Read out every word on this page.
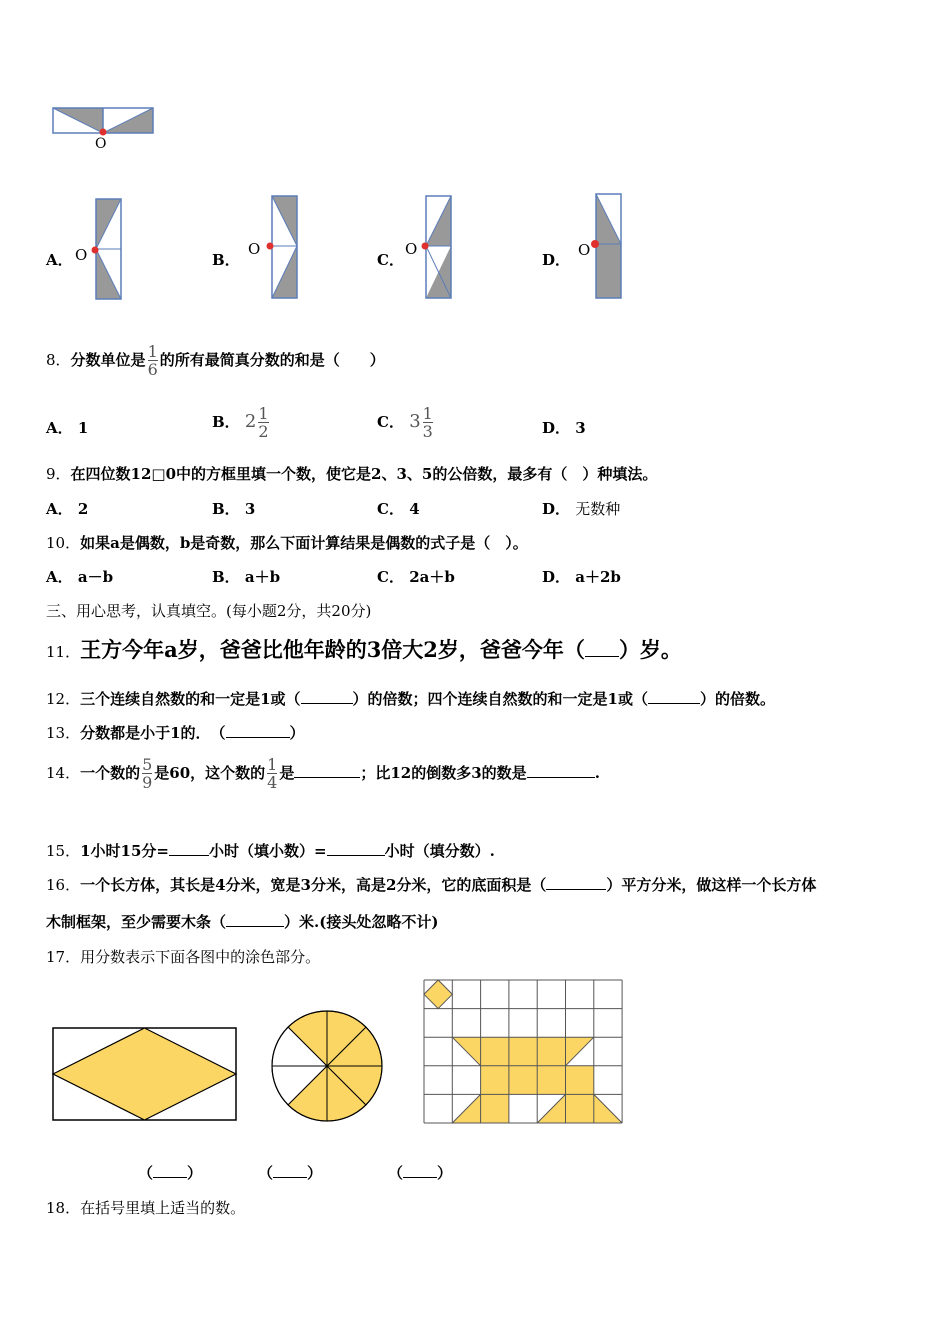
O
A． O	B．
O
C．
O
D．
O
8．分数单位是 $\frac{1}{6}$ 的所有最简真分数的和是（　　）
A． 1	B． $2 \frac{1}{2}$	C． $3 \frac{1}{3}$	D． 3
9．在四位数12□0中的方框里填一个数，使它是2、3、5的公倍数，最多有（　）种填法。
A． 2	B． 3	C． 4	D． 无数种
10．如果a是偶数，b是奇数，那么下面计算结果是偶数的式子是（　）。
A． a－b	B． a＋b	C． 2a＋b	D． a＋2b
三、用心思考，认真填空。(每小题2分，共20分)
11．王方今年a岁，爸爸比他年龄的3倍大2岁，爸爸今年（ ）岁。
12．三个连续自然数的和一定是1或（	）的倍数；四个连续自然数的和一定是1或（	）的倍数。
13．分数都是小于1的．　（	）
14．一个数的 $\frac{5}{9}$ 是60，这个数的 $\frac{1}{4}$ 是	；比12的倒数多3的数是	.
15．1小时15分=	小时（填小数）=	小时（填分数）.
16．一个长方体，其长是4分米，宽是3分米，高是2分米，它的底面积是（	）平方分米，做这样一个长方体
木制框架，至少需要木条（	）米.(接头处忽略不计)
17．用分数表示下面各图中的涂色部分。
（ ）	（ ）	（ ）
18．在括号里填上适当的数。
